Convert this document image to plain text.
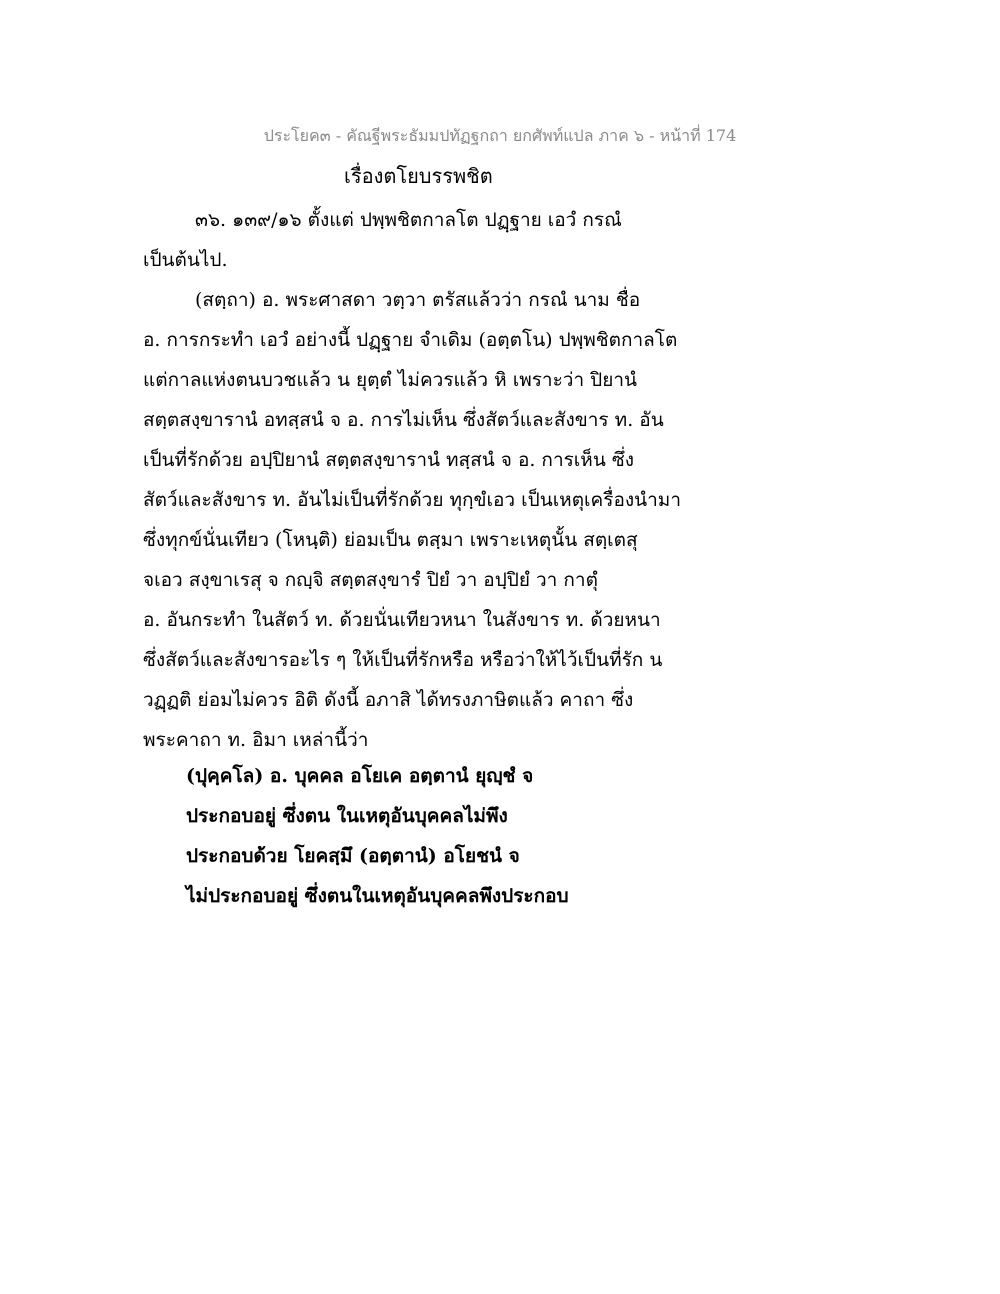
ประโยค๓ - คัณฐีพระธัมมปทัฏฐกถา ยกศัพท์แปล ภาค ๖ - หน้าที่ 174
เรื่องตโยบรรพชิต
๓๖. ๑๓๙/๑๖ ตั้งแต่ ปพฺพชิตกาลโต ปฏฺฐาย เอวํ กรณํ
เป็นต้นไป.
(สตฺถา) อ. พระศาสดา วตฺวา ตรัสแล้วว่า กรณํ นาม ชื่อ
อ. การกระทำ เอวํ อย่างนี้ ปฏฺฐาย จำเดิม (อตฺตโน) ปพฺพชิตกาลโต
แต่กาลแห่งตนบวชแล้ว น ยุตฺตํ ไม่ควรแล้ว หิ เพราะว่า ปิยานํ
สตฺตสงฺขารานํ อทสฺสนํ จ อ. การไม่เห็น ซึ่งสัตว์และสังขาร ท. อัน
เป็นที่รักด้วย อปฺปิยานํ สตฺตสงฺขารานํ ทสฺสนํ จ อ. การเห็น ซึ่ง
สัตว์และสังขาร ท. อันไม่เป็นที่รักด้วย ทุกฺขํเอว เป็นเหตุเครื่องนำมา
ซึ่งทุกข์นั่นเทียว (โหนฺติ) ย่อมเป็น ตสฺมา เพราะเหตุนั้น สตฺเตสุ
จเอว สงฺขาเรสุ จ กญฺจิ สตฺตสงฺขารํ ปิยํ วา อปฺปิยํ วา กาตุํ
อ. อันกระทำ ในสัตว์ ท. ด้วยนั่นเทียวหนา ในสังขาร ท. ด้วยหนา
ซึ่งสัตว์และสังขารอะไร ๆ ให้เป็นที่รักหรือ หรือว่าให้ไว้เป็นที่รัก น
วฏฺฏติ ย่อมไม่ควร อิติ ดังนี้ อภาสิ ได้ทรงภาษิตแล้ว คาถา ซึ่ง
พระคาถา ท. อิมา เหล่านี้ว่า
(ปุคฺคโล) อ. บุคคล อโยเค อตฺตานํ ยุญฺชํ จ
ประกอบอยู่ ซึ่งตน ในเหตุอันบุคคลไม่พึง
ประกอบด้วย โยคสฺมึ (อตฺตานํ) อโยชนํ จ
ไม่ประกอบอยู่ ซึ่งตนในเหตุอันบุคคลพึงประกอบ
